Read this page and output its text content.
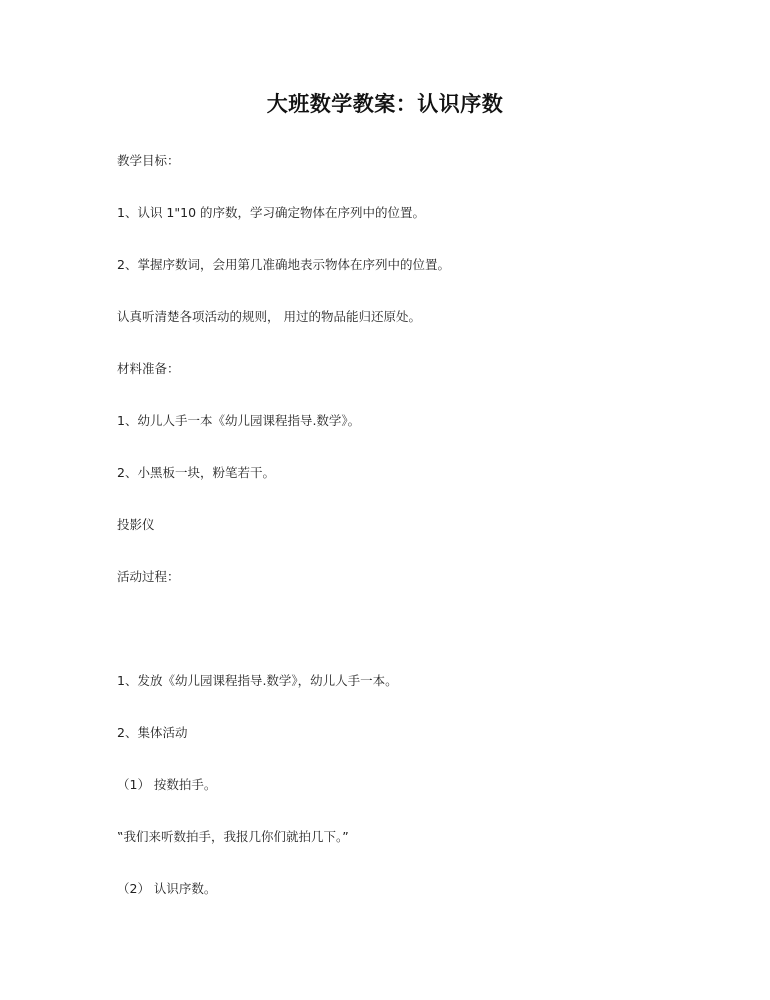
大班数学教案：认识序数
教学目标：
1、认识 1"10 的序数，学习确定物体在序列中的位置。
2、掌握序数词，会用第几准确地表示物体在序列中的位置。
认真听清楚各项活动的规则， 用过的物品能归还原处。
材料准备：
1、幼儿人手一本《幼儿园课程指导.数学》。
2、小黑板一块，粉笔若干。
投影仪
活动过程：
1、发放《幼儿园课程指导.数学》，幼儿人手一本。
2、集体活动
（1） 按数拍手。
‟我们来听数拍手，我报几你们就拍几下。”
（2） 认识序数。
